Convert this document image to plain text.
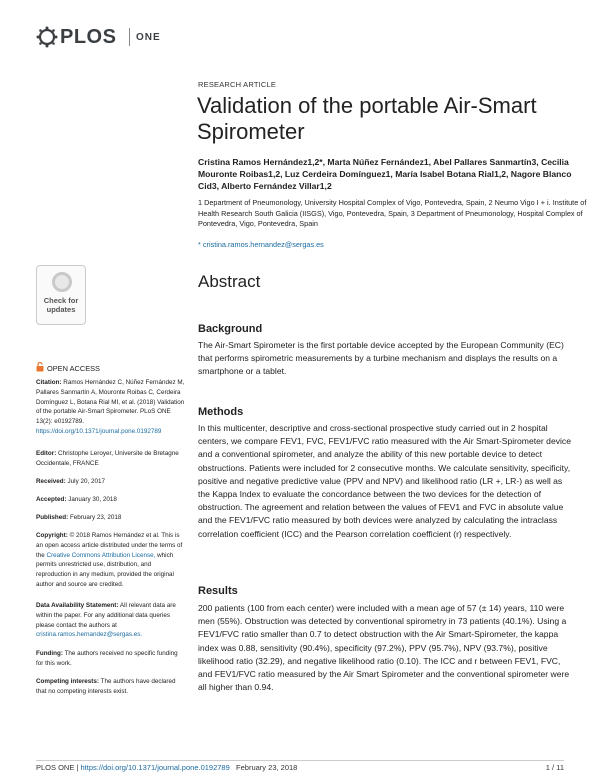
PLOS ONE
RESEARCH ARTICLE
Validation of the portable Air-Smart Spirometer
Cristina Ramos Hernández1,2*, Marta Núñez Fernández1, Abel Pallares Sanmartín3, Cecilia Mouronte Roibas1,2, Luz Cerdeira Domínguez1, María Isabel Botana Rial1,2, Nagore Blanco Cid3, Alberto Fernández Villar1,2
1 Department of Pneumonology, University Hospital Complex of Vigo, Pontevedra, Spain, 2 Neumo Vigo I + i. Institute of Health Research South Galicia (IISGS), Vigo, Pontevedra, Spain, 3 Department of Pneumonology, Hospital Complex of Pontevedra, Vigo, Pontevedra, Spain
* cristina.ramos.hernandez@sergas.es
Check for updates
Abstract
Background
The Air-Smart Spirometer is the first portable device accepted by the European Community (EC) that performs spirometric measurements by a turbine mechanism and displays the results on a smartphone or a tablet.
Methods
In this multicenter, descriptive and cross-sectional prospective study carried out in 2 hospital centers, we compare FEV1, FVC, FEV1/FVC ratio measured with the Air Smart-Spirometer device and a conventional spirometer, and analyze the ability of this new portable device to detect obstructions. Patients were included for 2 consecutive months. We calculate sensitivity, specificity, positive and negative predictive value (PPV and NPV) and likelihood ratio (LR +, LR-) as well as the Kappa Index to evaluate the concordance between the two devices for the detection of obstruction. The agreement and relation between the values of FEV1 and FVC in absolute value and the FEV1/FVC ratio measured by both devices were analyzed by calculating the intraclass correlation coefficient (ICC) and the Pearson correlation coefficient (r) respectively.
Results
200 patients (100 from each center) were included with a mean age of 57 (± 14) years, 110 were men (55%). Obstruction was detected by conventional spirometry in 73 patients (40.1%). Using a FEV1/FVC ratio smaller than 0.7 to detect obstruction with the Air Smart-Spirometer, the kappa index was 0.88, sensitivity (90.4%), specificity (97.2%), PPV (95.7%), NPV (93.7%), positive likelihood ratio (32.29), and negative likelihood ratio (0.10). The ICC and r between FEV1, FVC, and FEV1/FVC ratio measured by the Air Smart Spirometer and the conventional spirometer were all higher than 0.94.
OPEN ACCESS
Citation: Ramos Hernández C, Núñez Fernández M, Pallares Sanmartín A, Mouronte Roibas C, Cerdeira Domínguez L, Botana Rial MI, et al. (2018) Validation of the portable Air-Smart Spirometer. PLoS ONE 13(2): e0192789. https://doi.org/10.1371/journal.pone.0192789
Editor: Christophe Leroyer, Universite de Bretagne Occidentale, FRANCE
Received: July 20, 2017
Accepted: January 30, 2018
Published: February 23, 2018
Copyright: © 2018 Ramos Hernández et al. This is an open access article distributed under the terms of the Creative Commons Attribution License, which permits unrestricted use, distribution, and reproduction in any medium, provided the original author and source are credited.
Data Availability Statement: All relevant data are within the paper. For any additional data queries please contact the authors at cristina.ramos.hernandez@sergas.es.
Funding: The authors received no specific funding for this work.
Competing interests: The authors have declared that no competing interests exist.
PLOS ONE | https://doi.org/10.1371/journal.pone.0192789 February 23, 2018	1 / 11
